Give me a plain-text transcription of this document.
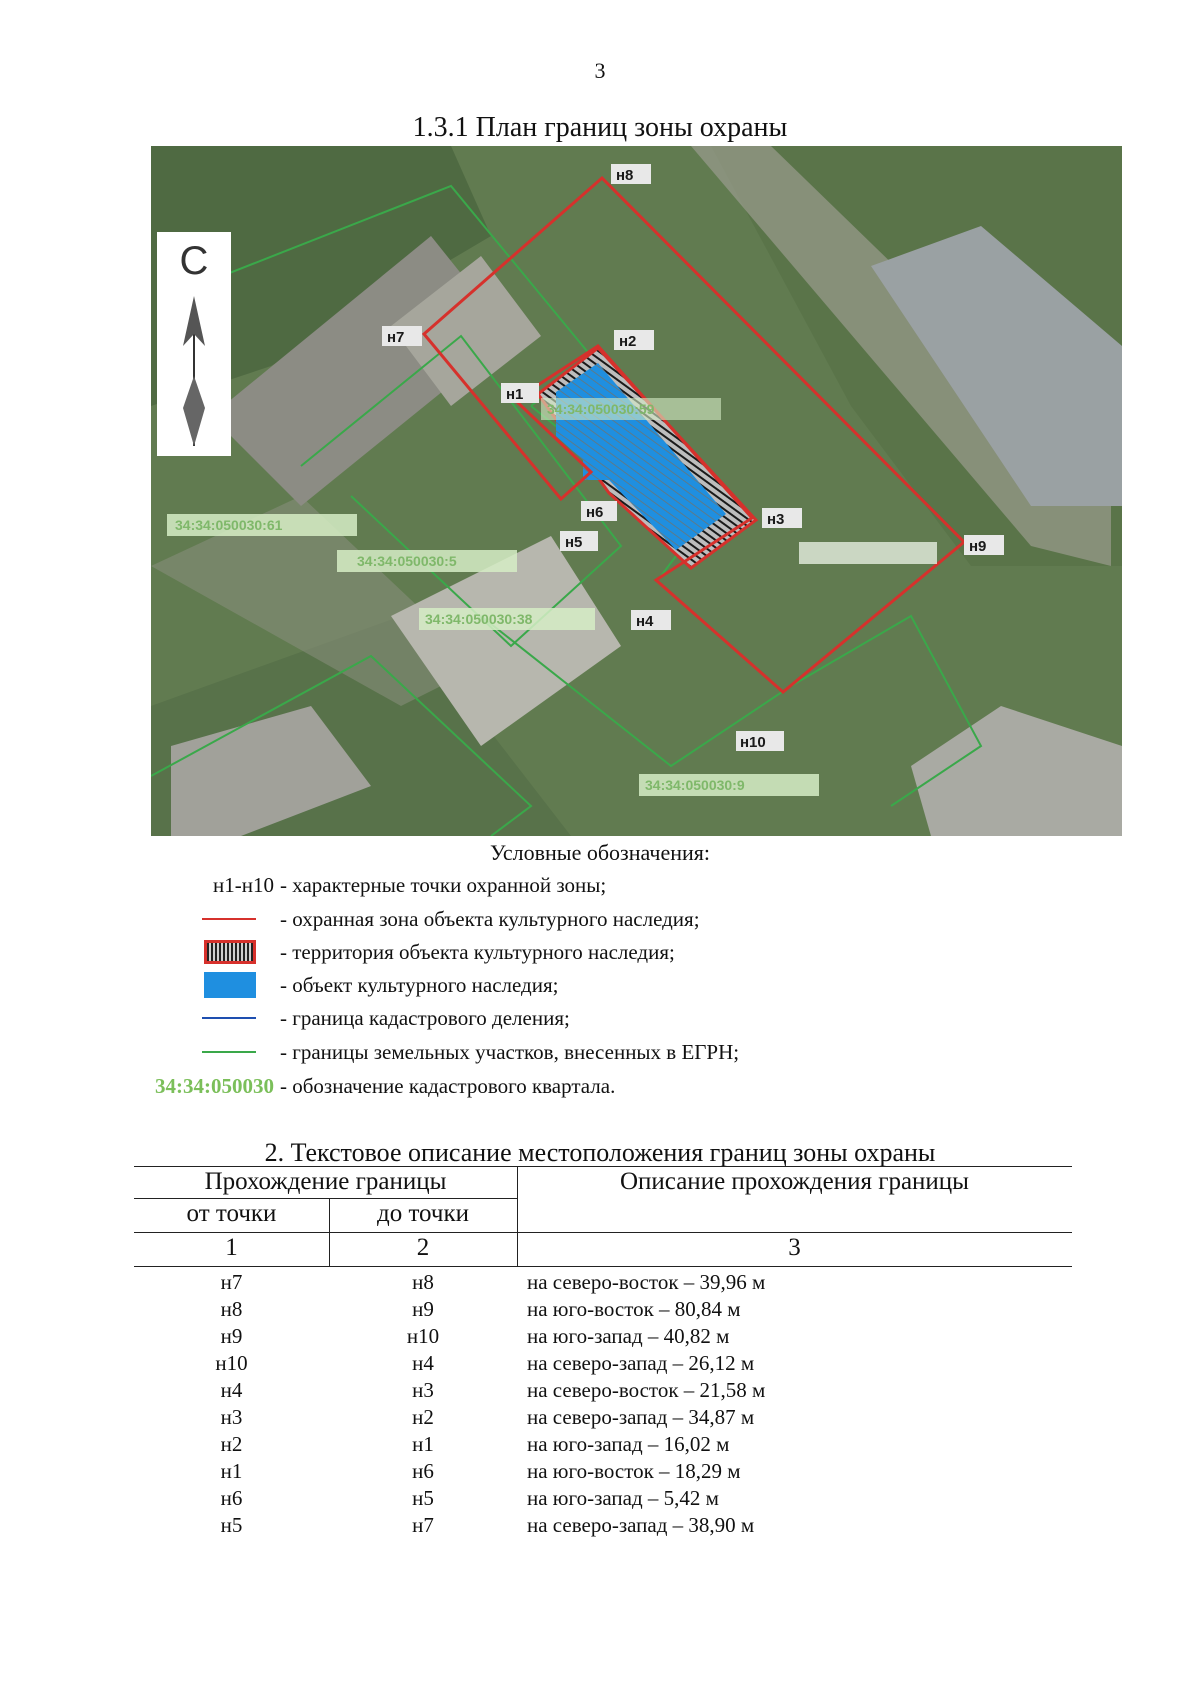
3
1.3.1 План границ зоны охраны
34:34:050030:61
34:34:050030:5
34:34:050030:38
34:34:050030:59
34:34:050030:9
н8
н7	н2
н1
н6
н5
н3
н9
н4
н10
С
Условные обозначения:
н1-н10 - характерные точки охранной зоны;
- охранная зона объекта культурного наследия;
- территория объекта культурного наследия;
- объект культурного наследия;
- граница кадастрового деления;
- границы земельных участков, внесенных в ЕГРН;
34:34:050030 - обозначение кадастрового квартала.
2. Текстовое описание местоположения границ зоны охраны
Прохождение границы	Описание прохождения границы
от точки	до точки
1	2	3
н7	н8	на северо-восток – 39,96 м
н8	н9	на юго-восток – 80,84 м
н9	н10	на юго-запад – 40,82 м
н10	н4	на северо-запад – 26,12 м
н4	н3	на северо-восток – 21,58 м
н3	н2	на северо-запад – 34,87 м
н2	н1	на юго-запад – 16,02 м
н1	н6	на юго-восток – 18,29 м
н6	н5	на юго-запад – 5,42 м
н5	н7	на северо-запад – 38,90 м
